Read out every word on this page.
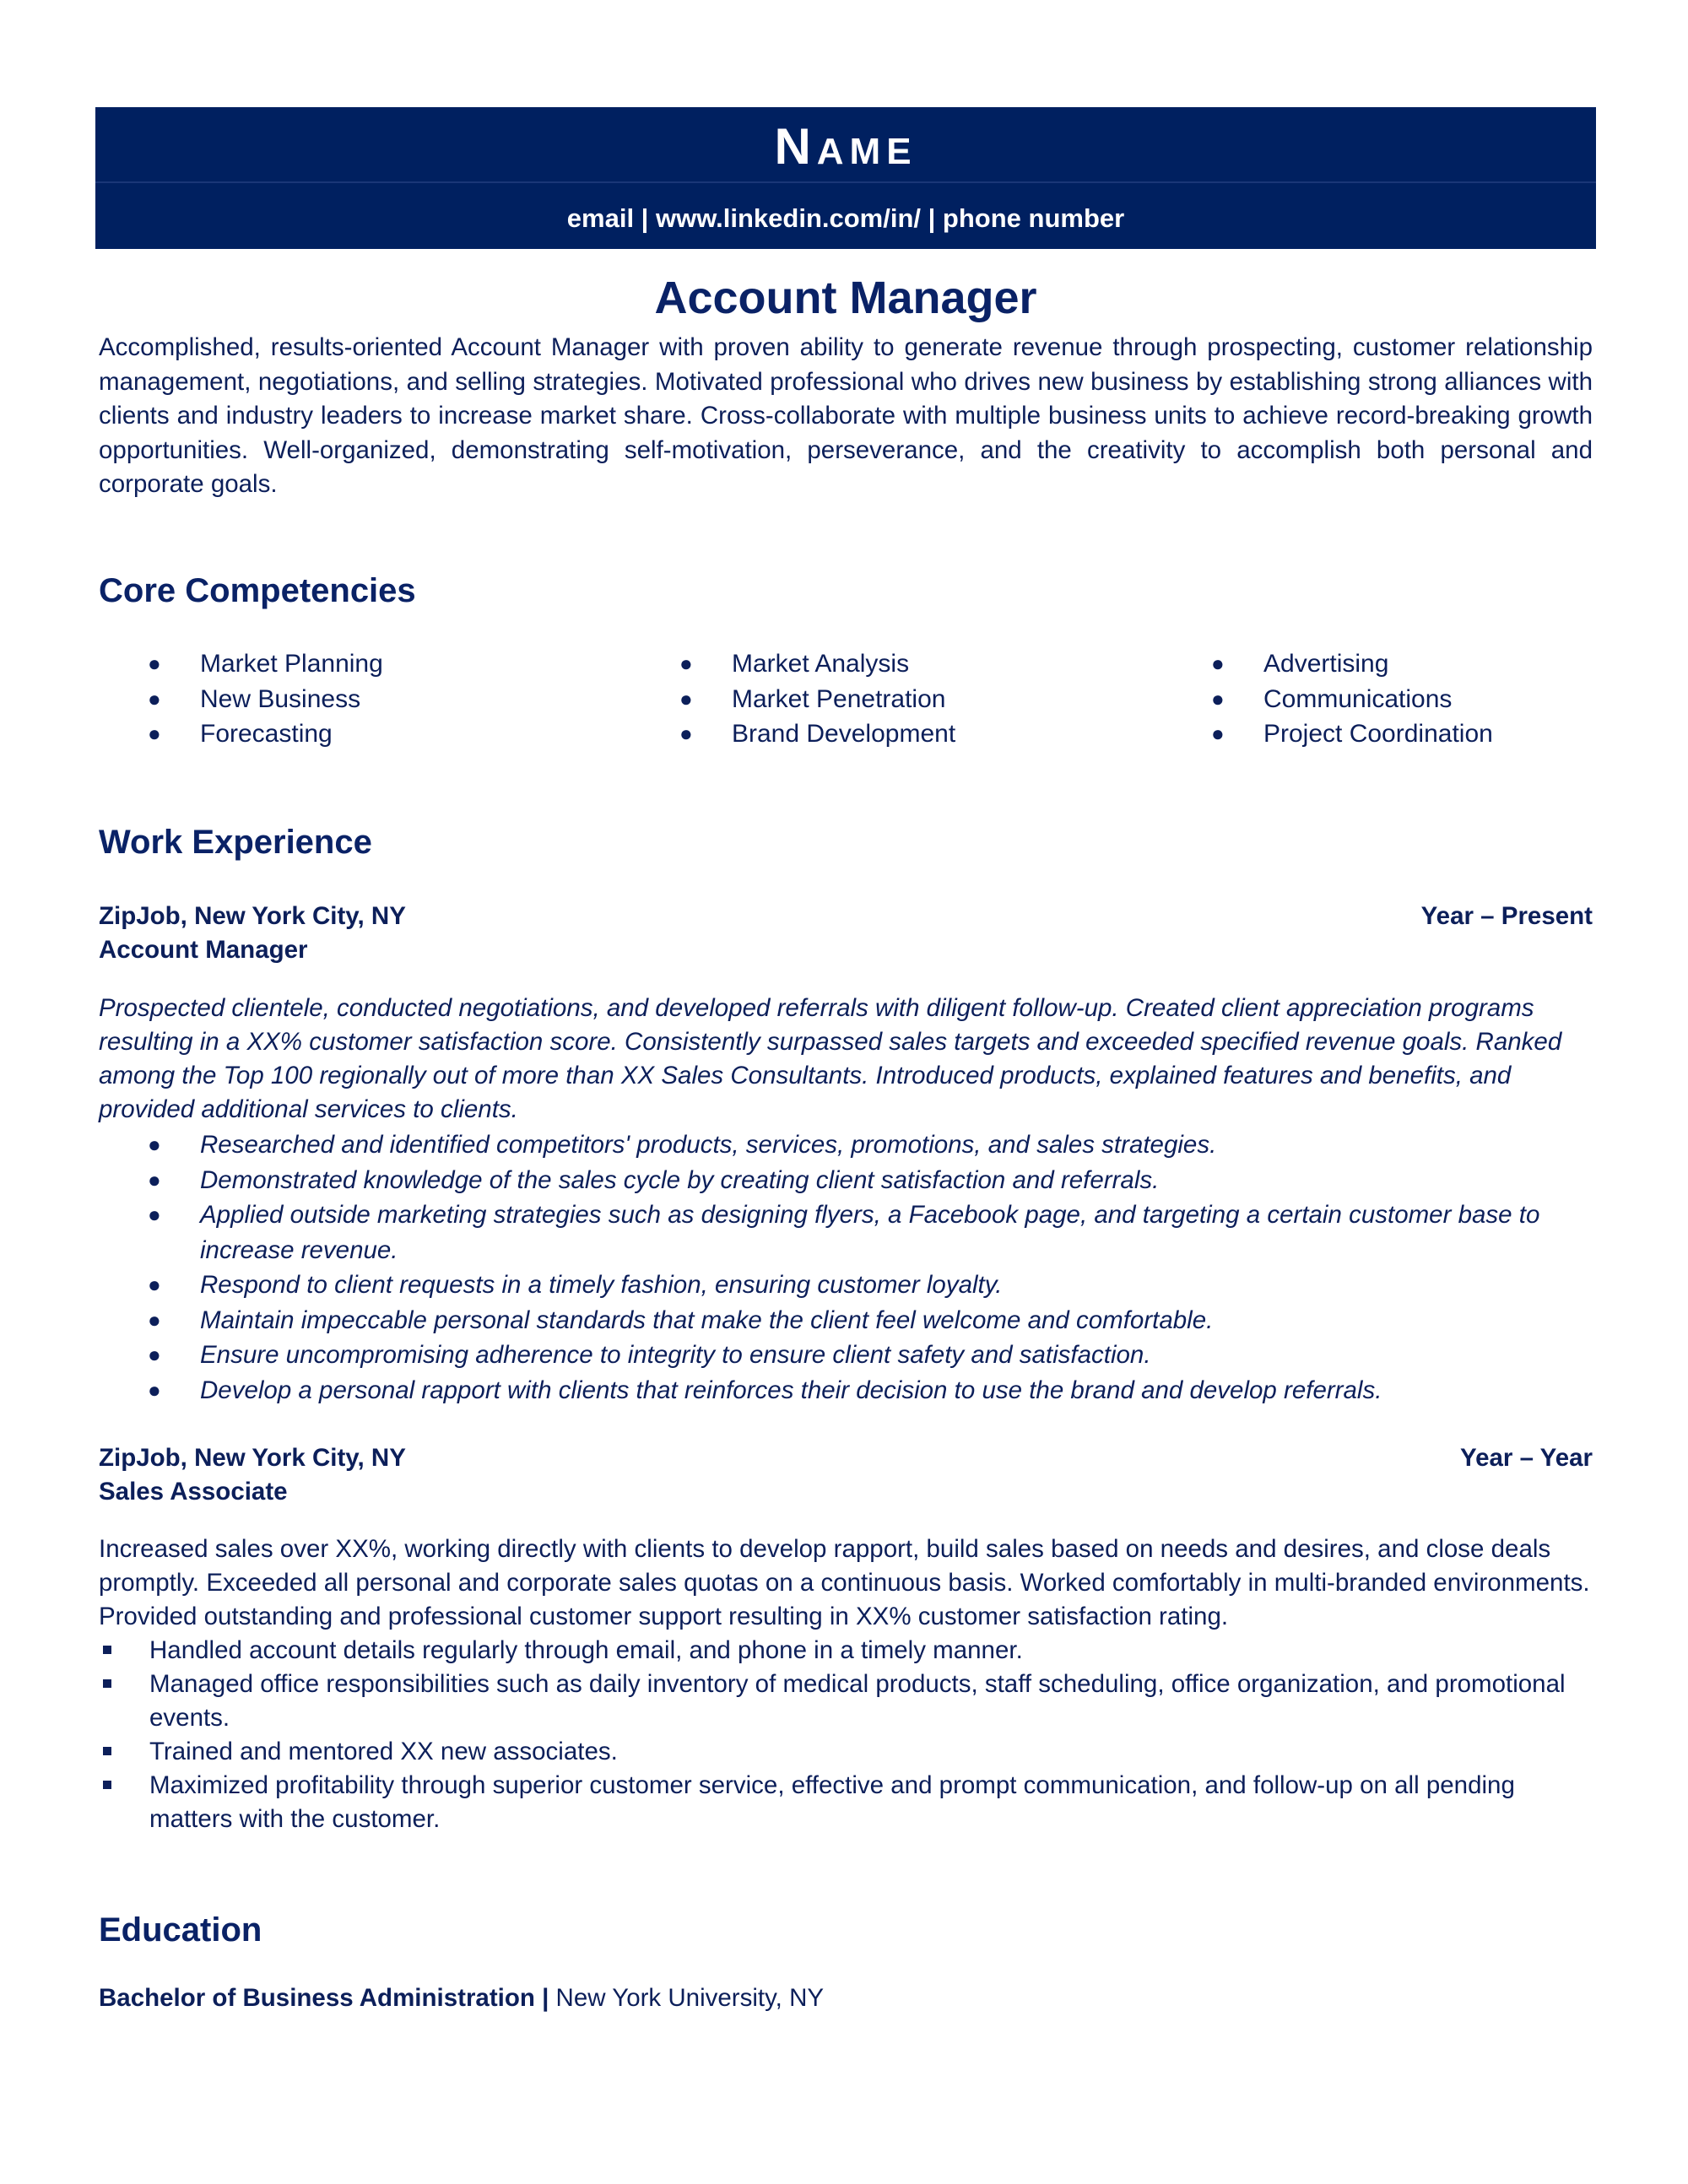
NAME
email | www.linkedin.com/in/ | phone number
Account Manager
Accomplished, results-oriented Account Manager with proven ability to generate revenue through prospecting, customer relationship management, negotiations, and selling strategies. Motivated professional who drives new business by establishing strong alliances with clients and industry leaders to increase market share. Cross-collaborate with multiple business units to achieve record-breaking growth opportunities. Well-organized, demonstrating self-motivation, perseverance, and the creativity to accomplish both personal and corporate goals.
Core Competencies
● Market Planning
● New Business
● Forecasting
● Market Analysis
● Market Penetration
● Brand Development
● Advertising
● Communications
● Project Coordination
Work Experience
ZipJob, New York City, NY	Year – Present
Account Manager
Prospected clientele, conducted negotiations, and developed referrals with diligent follow-up. Created client appreciation programs resulting in a XX% customer satisfaction score. Consistently surpassed sales targets and exceeded specified revenue goals. Ranked among the Top 100 regionally out of more than XX Sales Consultants. Introduced products, explained features and benefits, and provided additional services to clients.
● Researched and identified competitors' products, services, promotions, and sales strategies.
● Demonstrated knowledge of the sales cycle by creating client satisfaction and referrals.
● Applied outside marketing strategies such as designing flyers, a Facebook page, and targeting a certain customer base to increase revenue.
● Respond to client requests in a timely fashion, ensuring customer loyalty.
● Maintain impeccable personal standards that make the client feel welcome and comfortable.
● Ensure uncompromising adherence to integrity to ensure client safety and satisfaction.
● Develop a personal rapport with clients that reinforces their decision to use the brand and develop referrals.
ZipJob, New York City, NY	Year – Year
Sales Associate
Increased sales over XX%, working directly with clients to develop rapport, build sales based on needs and desires, and close deals promptly. Exceeded all personal and corporate sales quotas on a continuous basis. Worked comfortably in multi-branded environments. Provided outstanding and professional customer support resulting in XX% customer satisfaction rating.
Handled account details regularly through email, and phone in a timely manner.
Managed office responsibilities such as daily inventory of medical products, staff scheduling, office organization, and promotional events.
Trained and mentored XX new associates.
Maximized profitability through superior customer service, effective and prompt communication, and follow-up on all pending matters with the customer.
Education
Bachelor of Business Administration | New York University, NY
